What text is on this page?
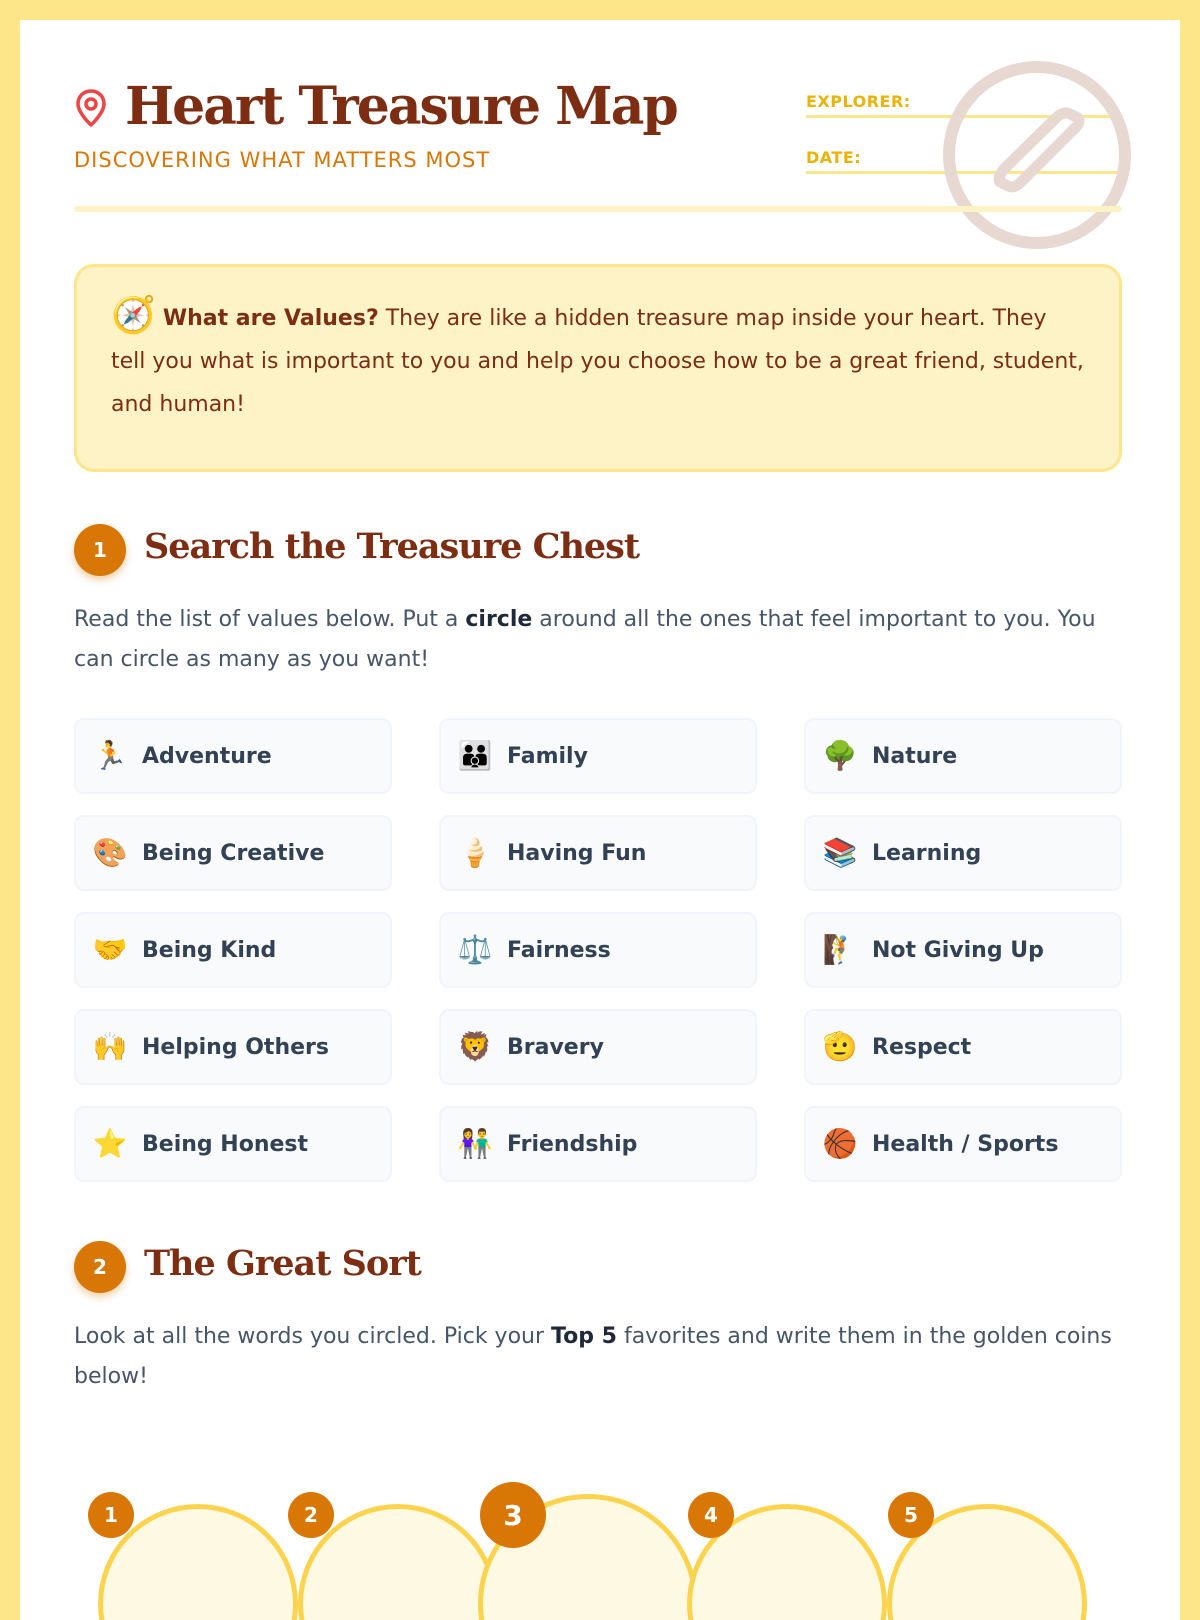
Heart Treasure Map
DISCOVERING WHAT MATTERS MOST
EXPLORER:
DATE:
🧭 What are Values? They are like a hidden treasure map inside your heart. They tell you what is important to you and help you choose how to be a great friend, student, and human!
1	Search the Treasure Chest

Read the list of values below. Put a circle around all the ones that feel important to you. You can circle as many as you want!

🏃 Adventure	👪 Family	🌳 Nature
🎨 Being Creative	🍦 Having Fun	📚 Learning
🤝 Being Kind	⚖️ Fairness	🧗 Not Giving Up
🙌 Helping Others	🦁 Bravery	🫡 Respect
⭐ Being Honest	👫 Friendship	🏀 Health / Sports
2	The Great Sort

Look at all the words you circled. Pick your Top 5 favorites and write them in the golden coins below!

1	2	3	4	5
